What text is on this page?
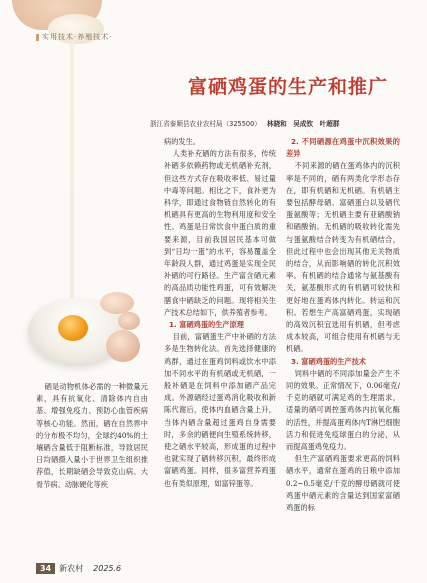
实用技术·养殖技术·
富硒鸡蛋的生产和推广
浙江省泰顺县农业农村局（325500） 林晓和　吴成钦　叶超群

病的发生。

人类补充硒的方法有很多，传统补硒多依赖药物或无机硒补充剂，但这些方式存在吸收率低、易过量中毒等问题。相比之下，食补更为科学，即通过食物链自然转化的有机硒具有更高的生物利用度和安全性。鸡蛋是日常饮食中蛋白质的重要来源，目前我国居民基本可做到“日均一蛋”的水平，容易覆盖全年龄段人群，通过鸡蛋是实现全民补硒的可行路径。生产富含硒元素的高品质功能性鸡蛋，可有效解决膳食中硒缺乏的问题。现将相关生产技术总结如下，供养殖者参考。

1. 富硒鸡蛋的生产原理

目前，富硒蛋生产中补硒的方法多是生物转化法。首先选择健康的鸡群，通过在蛋鸡饲料或饮水中添加不同水平的有机硒或无机硒，一般补硒是在饲料中添加硒产品完成。外源硒经过蛋鸡消化吸收和新陈代谢后，使体内血硒含量上升，当体内硒含量超过蛋鸡自身需要时，多余的硒便向生殖系统转移，使之硒水平较高，形成蛋的过程中也就实现了硒转移沉积，最终形成富硒鸡蛋。同样，很多富营养鸡蛋也有类似原理，如富锌蛋等。

2. 不同硒源在鸡蛋中沉积效果的差异

不同来源的硒在蛋鸡体内的沉积率是不同的，硒有两类化学形态存在，即有机硒和无机硒。有机硒主要包括酵母硒、富硒蛋白以及硒代蛋氨酸等；无机硒主要有亚硒酸钠和硒酸钠。无机硒的吸收转化需先与蛋氨酸结合转变为有机硒结合，但此过程中也会出现其他无关物质的结合，从而影响硒的转化沉积效率。有机硒的结合通常与氨基酸有关，氨基酸形式的有机硒可较快和更好地在蛋鸡体内转化。转运和沉积。若想生产高富硒鸡蛋，实现硒的高效沉积宜选用有机硒，但考虑成本较高，可组合使用有机硒与无机硒。

3. 富硒鸡蛋的生产技术

饲料中硒的不同添加量会产生不同的效果。正常情况下，0.06毫克/千克的硒就可满足鸡的生理需求，适量的硒可调控蛋鸡体内抗氧化酶的活性，并提高蛋鸡体内T淋巴细胞活力和促进免疫球蛋白的分泌，从而提高蛋鸡免疫力。

但生产富硒鸡蛋要求更高的饲料硒水平，通常在蛋鸡的日粮中添加0.2~0.5毫克/千克的酵母硒就可使鸡蛋中硒元素的含量达到国家富硒鸡蛋的标

硒是动物机体必需的一种微量元素，具有抗氧化、清除体内自由基、增强免疫力、预防心血管疾病等核心功能。然而，硒在自然界中的分布极不均匀，全球约40%的土壤硒含量低于阻断标准，导致居民日均硒摄入量小于世界卫生组织推荐值，长期缺硒会导致克山病、大骨节病、动脉硬化等疾

34 新农村 2025.6
